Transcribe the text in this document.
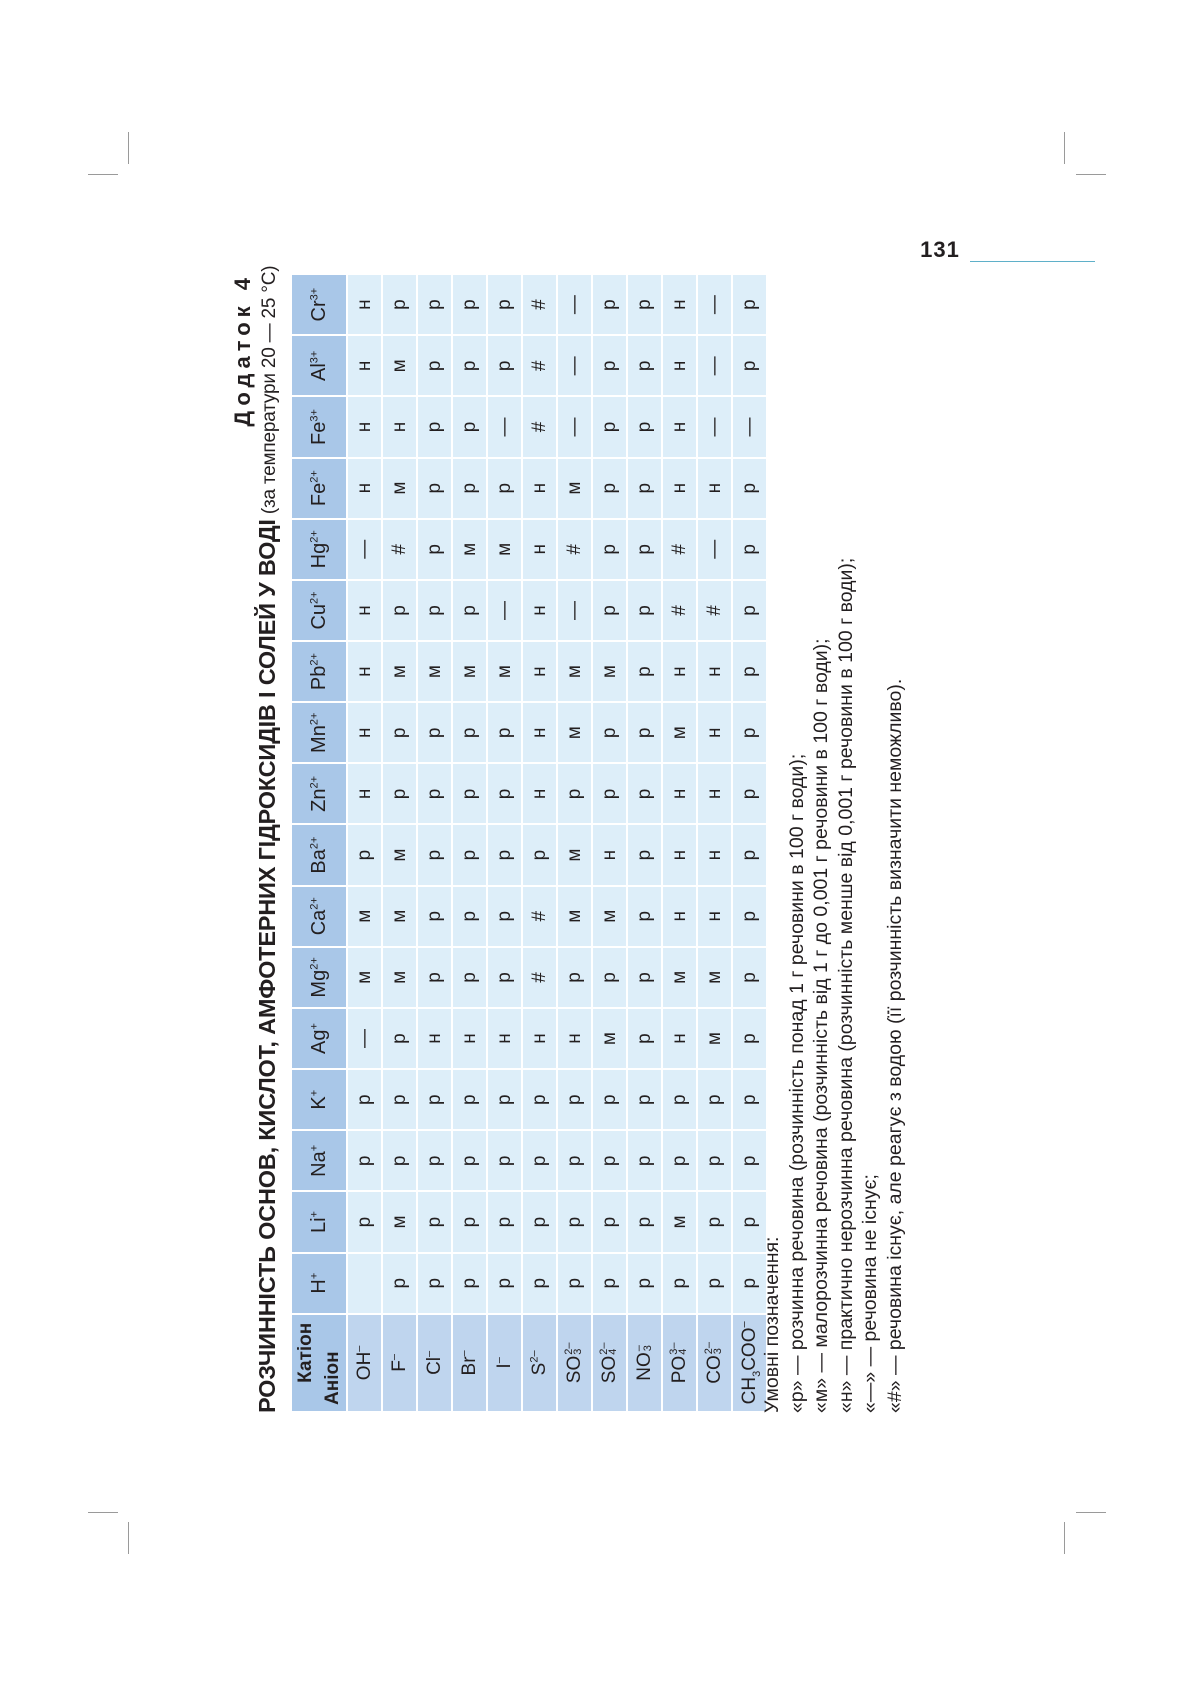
131
Додаток 4
РОЗЧИННІСТЬ ОСНОВ, КИСЛОТ, АМФОТЕРНИХ ГІДРОКСИДІВ І СОЛЕЙ У ВОДІ (за температури 20 — 25 °С)
Катіон Аніон	H+	Li+	Na+	K+	Ag+	$Mg^{2+}$	$Ca^{2+}$	$Ba^{2+}$	$Zn^{2+}$	$Mn^{2+}$	$Pb^{2+}$	$Cu^{2+}$	$Hg^{2+}$	$Fe^{2+}$	$Fe^{3+}$	$Al^{3+}$	$Cr^{3+}$
OH–		р	р	р	—	м	м	р	н	н	н	н	—	н	н	н	н
F–	р	м	р	р	р	м	м	м	р	р	м	р	#	м	н	м	р
Cl–	р	р	р	р	н	р	р	р	р	р	м	р	р	р	р	р	р
Br–	р	р	р	р	н	р	р	р	р	р	м	р	м	р	р	р	р
I–	р	р	р	р	н	р	р	р	р	р	м	—	м	р	—	р	р
$S^{2-}$	р	р	р	р	н	#	#	р	н	н	н	н	н	н	#	#	#
SO
2–
3	р	р	р	р	н	р	м	м	р	м	м	—	#	м	—	—	—
SO
2–
4	р	р	р	р	м	р	м	н	р	р	м	р	р	р	р	р	р
NO
–
3	р	р	р	р	р	р	р	р	р	р	р	р	р	р	р	р	р
PO
3–
4	р	м	р	р	н	м	н	н	н	м	н	#	#	н	н	н	н
CO
2–
3	р	р	р	р	м	м	н	н	н	н	н	#	—	н	—	—	—
$CH_3COO^-$	р	р	р	р	р	р	р	р	р	р	р	р	р	р	—	р	р
Умовні позначення: «р» — розчинна речовина (розчинність понад 1 г речовини в 100 г води); «м» — малорозчинна речовина (розчинність від 1 г до 0,001 г речовини в 100 г води); «н» — практично нерозчинна речовина (розчинність менше від 0,001 г речовини в 100 г води); «—» — речовина не існує; «#» — речовина існує, але реагує з водою (її розчинність визначити неможливо).
